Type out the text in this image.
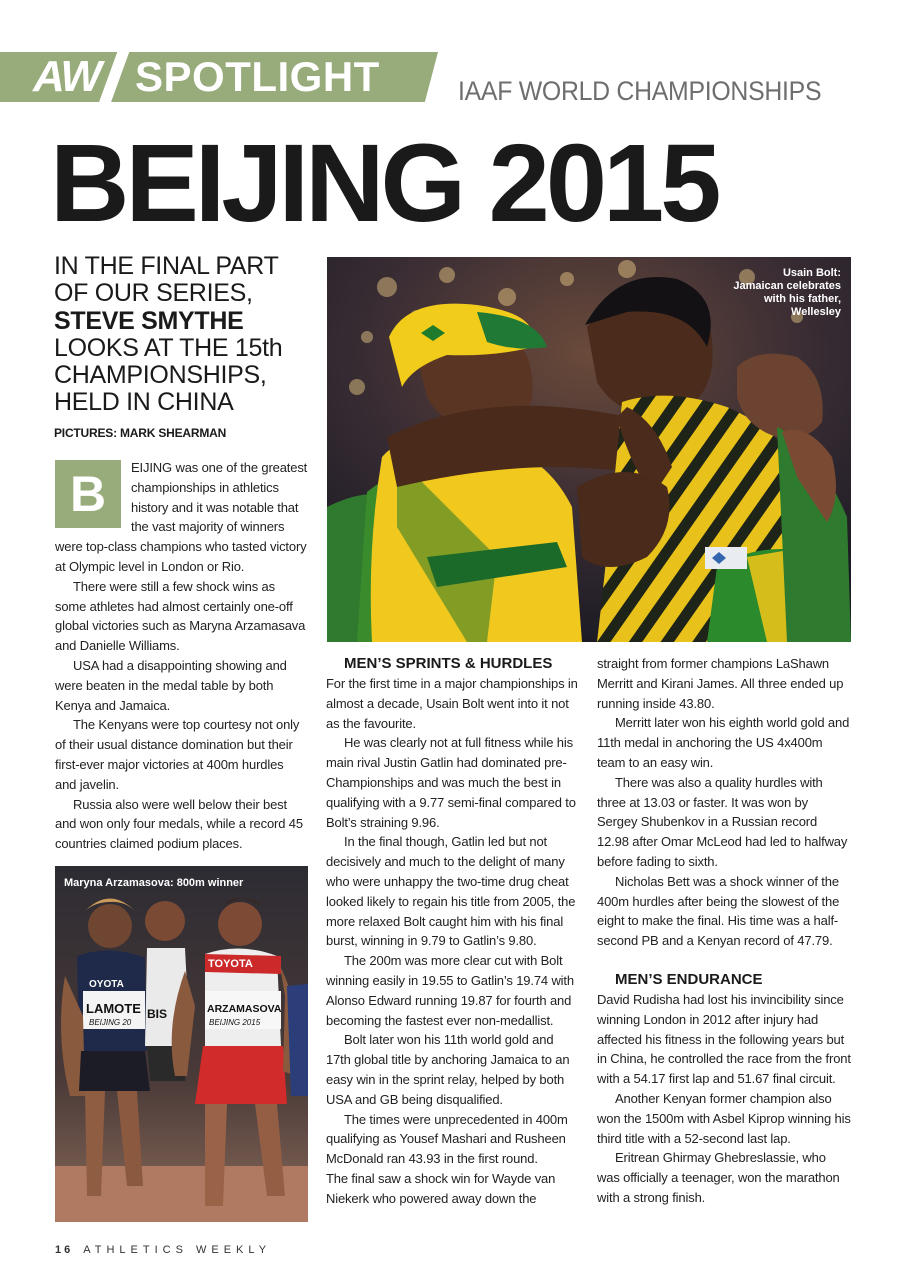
AW SPOTLIGHT	IAAF WORLD CHAMPIONSHIPS
BEIJING 2015
IN THE FINAL PART OF OUR SERIES, STEVE SMYTHE LOOKS AT THE 15th CHAMPIONSHIPS, HELD IN CHINA
PICTURES: MARK SHEARMAN
B	EIJING was one of the greatest championships in athletics history and it was notable that the vast majority of winners were top-class champions who tasted victory at Olympic level in London or Rio.

There were still a few shock wins as some athletes had almost certainly one-off global victories such as Maryna Arzamasava and Danielle Williams.

USA had a disappointing showing and were beaten in the medal table by both Kenya and Jamaica.

The Kenyans were top courtesy not only of their usual distance domination but their first-ever major victories at 400m hurdles and javelin.

Russia also were well below their best and won only four medals, while a record 45 countries claimed podium places.

Usain Bolt: Jamaican celebrates with his father, Wellesley

MEN’S SPRINTS & HURDLES

For the first time in a major championships in almost a decade, Usain Bolt went into it not as the favourite.

He was clearly not at full fitness while his main rival Justin Gatlin had dominated pre-Championships and was much the best in qualifying with a 9.77 semi-final compared to Bolt’s straining 9.96.

In the final though, Gatlin led but not decisively and much to the delight of many who were unhappy the two-time drug cheat looked likely to regain his title from 2005, the more relaxed Bolt caught him with his final burst, winning in 9.79 to Gatlin’s 9.80.

The 200m was more clear cut with Bolt winning easily in 19.55 to Gatlin’s 19.74 with Alonso Edward running 19.87 for fourth and becoming the fastest ever non-medallist.

Bolt later won his 11th world gold and 17th global title by anchoring Jamaica to an easy win in the sprint relay, helped by both USA and GB being disqualified.

The times were unprecedented in 400m qualifying as Yousef Mashari and Rusheen McDonald ran 43.93 in the first round.

The final saw a shock win for Wayde van Niekerk who powered away down the

straight from former champions LaShawn Merritt and Kirani James. All three ended up running inside 43.80.

Merritt later won his eighth world gold and 11th medal in anchoring the US 4x400m team to an easy win.

There was also a quality hurdles with three at 13.03 or faster. It was won by Sergey Shubenkov in a Russian record 12.98 after Omar McLeod had led to halfway before fading to sixth.

Nicholas Bett was a shock winner of the 400m hurdles after being the slowest of the eight to make the final. His time was a half-second PB and a Kenyan record of 47.79.

MEN’S ENDURANCE

David Rudisha had lost his invincibility since winning London in 2012 after injury had affected his fitness in the following years but in China, he controlled the race from the front with a 54.17 first lap and 51.67 final circuit.

Another Kenyan former champion also won the 1500m with Asbel Kiprop winning his third title with a 52-second last lap.

Eritrean Ghirmay Ghebreslassie, who was officially a teenager, won the marathon with a strong finish.

LAMOTE
BEIJING 20
OYOTA
BIS
TOYOTA
ARZAMASOVA
BEIJING 2015
Maryna Arzamasova: 800m winner
16 ATHLETICS WEEKLY
